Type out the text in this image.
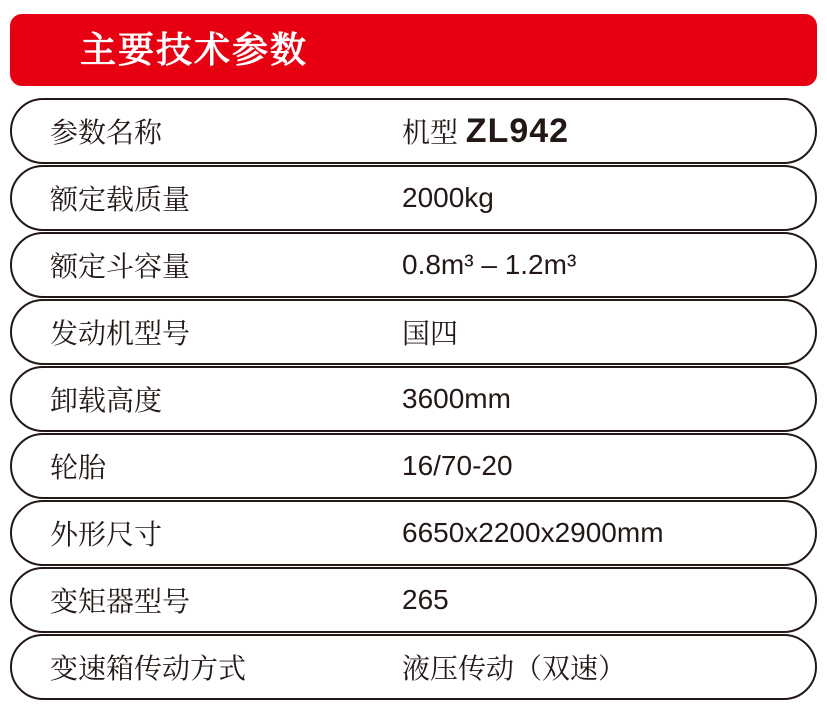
主要技术参数
参数名称	机型 ZL942
额定载质量	2000kg
额定斗容量	0.8m³ – 1.2m³
发动机型号	国四
卸载高度	3600mm
轮胎	16/70-20
外形尺寸	6650x2200x2900mm
变矩器型号	265
变速箱传动方式	液压传动（双速）
